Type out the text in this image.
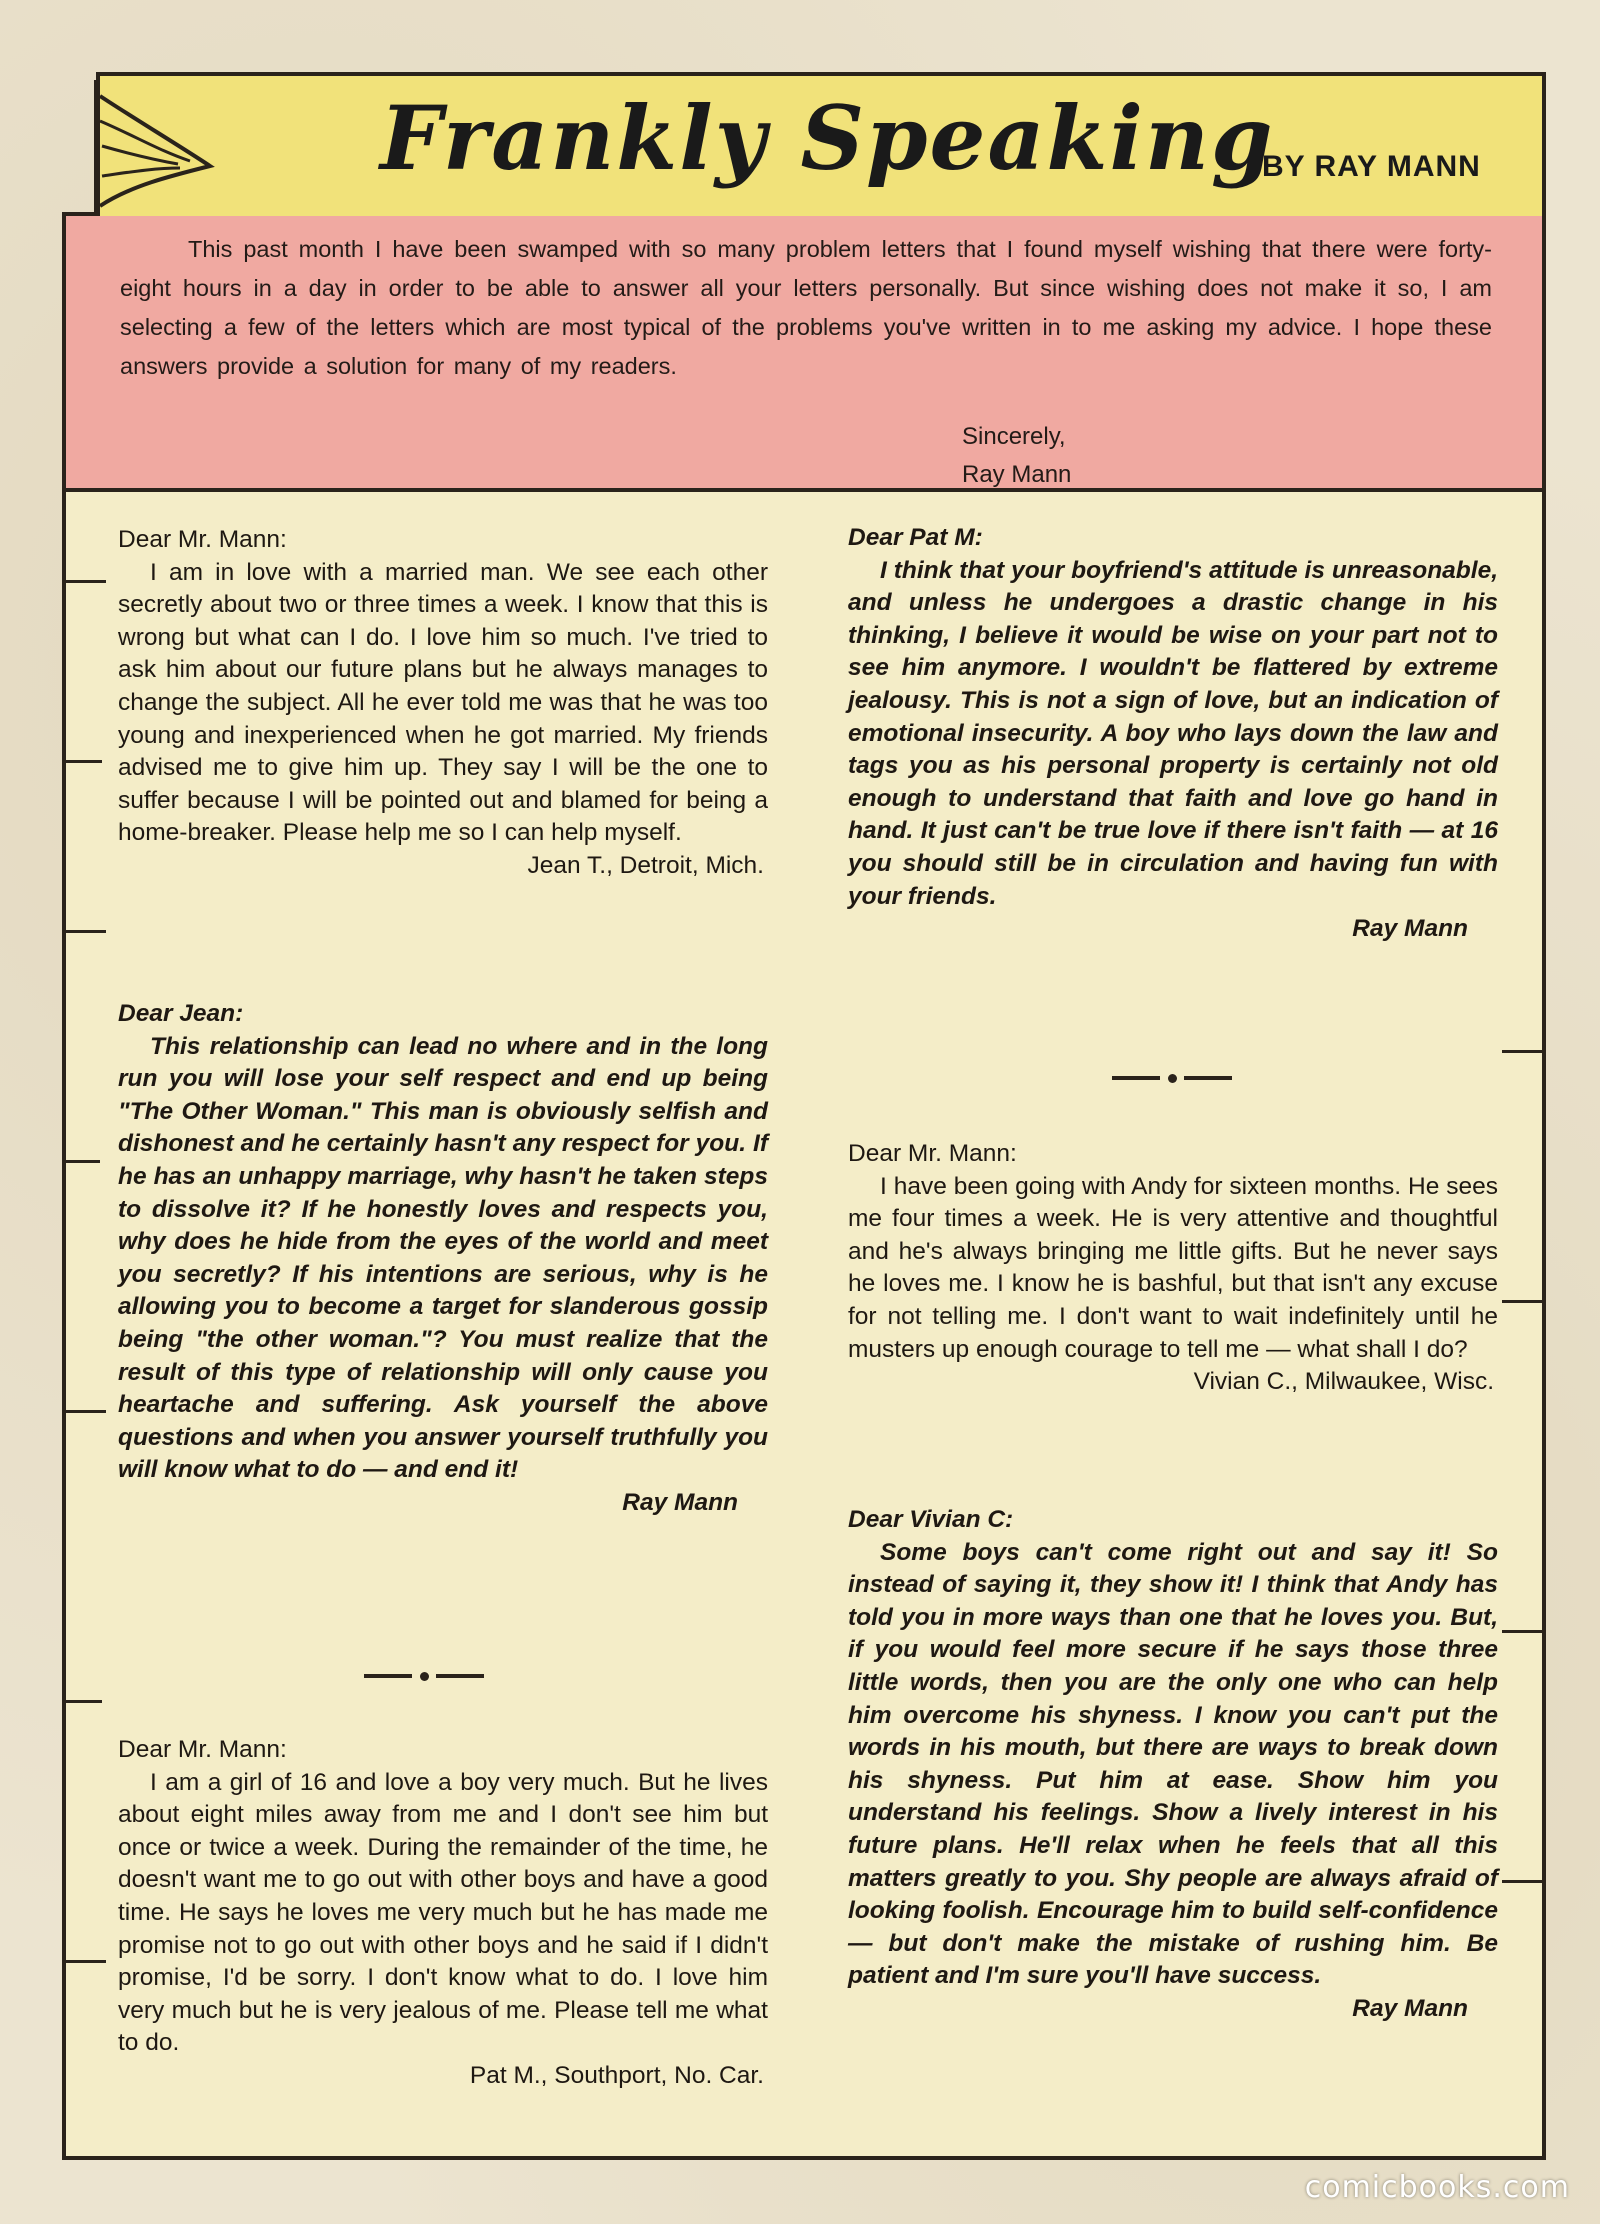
Frankly Speaking
BY RAY MANN

This past month I have been swamped with so many problem letters that I found myself wishing that there were forty-eight hours in a day in order to be able to answer all your letters personally. But since wishing does not make it so, I am selecting a few of the letters which are most typical of the problems you've written in to me asking my advice. I hope these answers provide a solution for many of my readers.

Sincerely,
Ray Mann

Dear Mr. Mann:

I am in love with a married man. We see each other secretly about two or three times a week. I know that this is wrong but what can I do. I love him so much. I've tried to ask him about our future plans but he always manages to change the subject. All he ever told me was that he was too young and inexperienced when he got married. My friends advised me to give him up. They say I will be the one to suffer because I will be pointed out and blamed for being a home-breaker. Please help me so I can help myself.

Jean T., Detroit, Mich.

Dear Jean:

This relationship can lead no where and in the long run you will lose your self respect and end up being "The Other Woman." This man is obviously selfish and dishonest and he certainly hasn't any respect for you. If he has an unhappy marriage, why hasn't he taken steps to dissolve it? If he honestly loves and respects you, why does he hide from the eyes of the world and meet you secretly? If his intentions are serious, why is he allowing you to become a target for slanderous gossip being "the other woman."? You must realize that the result of this type of relationship will only cause you heartache and suffering. Ask yourself the above questions and when you answer yourself truthfully you will know what to do — and end it!

Ray Mann

Dear Mr. Mann:

I am a girl of 16 and love a boy very much. But he lives about eight miles away from me and I don't see him but once or twice a week. During the remainder of the time, he doesn't want me to go out with other boys and have a good time. He says he loves me very much but he has made me promise not to go out with other boys and he said if I didn't promise, I'd be sorry. I don't know what to do. I love him very much but he is very jealous of me. Please tell me what to do.

Pat M., Southport, No. Car.

Dear Pat M:

I think that your boyfriend's attitude is unreasonable, and unless he undergoes a drastic change in his thinking, I believe it would be wise on your part not to see him anymore. I wouldn't be flattered by extreme jealousy. This is not a sign of love, but an indication of emotional insecurity. A boy who lays down the law and tags you as his personal property is certainly not old enough to understand that faith and love go hand in hand. It just can't be true love if there isn't faith — at 16 you should still be in circulation and having fun with your friends.

Ray Mann

Dear Mr. Mann:

I have been going with Andy for sixteen months. He sees me four times a week. He is very attentive and thoughtful and he's always bringing me little gifts. But he never says he loves me. I know he is bashful, but that isn't any excuse for not telling me. I don't want to wait indefinitely until he musters up enough courage to tell me — what shall I do?

Vivian C., Milwaukee, Wisc.

Dear Vivian C:

Some boys can't come right out and say it! So instead of saying it, they show it! I think that Andy has told you in more ways than one that he loves you. But, if you would feel more secure if he says those three little words, then you are the only one who can help him overcome his shyness. I know you can't put the words in his mouth, but there are ways to break down his shyness. Put him at ease. Show him you understand his feelings. Show a lively interest in his future plans. He'll relax when he feels that all this matters greatly to you. Shy people are always afraid of looking foolish. Encourage him to build self-confidence — but don't make the mistake of rushing him. Be patient and I'm sure you'll have success.

Ray Mann

comicbooks.com
